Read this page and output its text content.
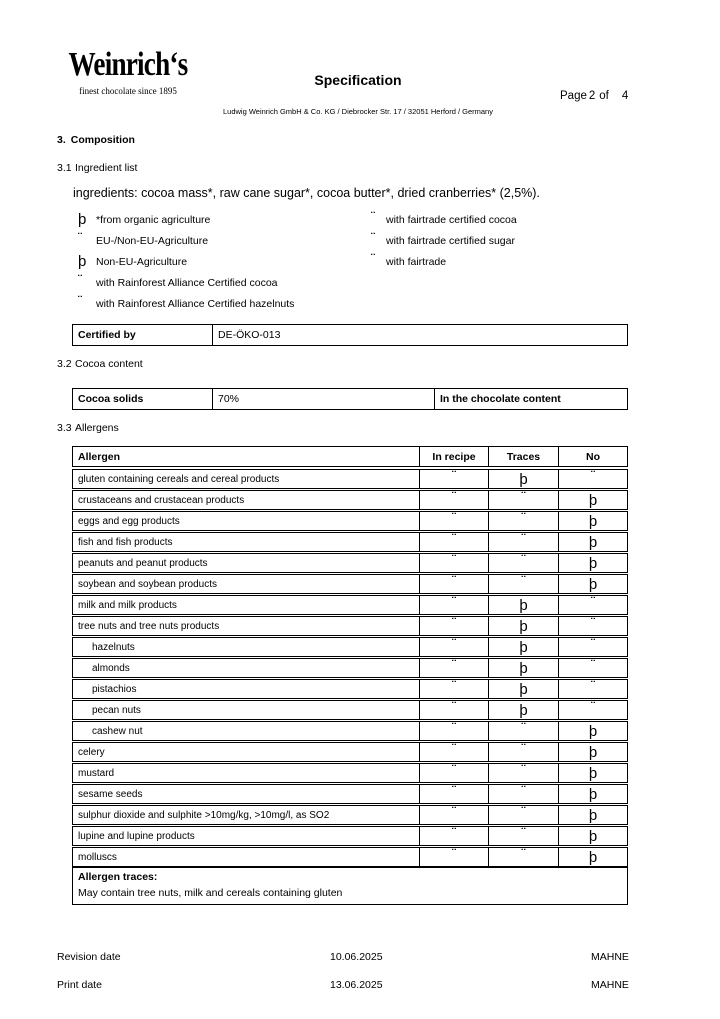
Weinrich‘s
finest chocolate since 1895
Specification
Ludwig Weinrich GmbH & Co. KG / Diebrocker Str. 17 / 32051 Herford / Germany
Page 2 of 4
3. Composition
3.1 Ingredient list
ingredients: cocoa mass*, raw cane sugar*, cocoa butter*, dried cranberries* (2,5%).
þ *from organic agriculture
¨	EU-/Non-EU-Agriculture
þ Non-EU-Agriculture
¨	with Rainforest Alliance Certified cocoa
¨	with Rainforest Alliance Certified hazelnuts
¨	with fairtrade certified cocoa
¨	with fairtrade certified sugar
¨	with fairtrade
Certified by	DE-ÖKO-013
3.2 Cocoa content
Cocoa solids	70%	In the chocolate content
3.3 Allergens
Allergen	In recipe	Traces	No
gluten containing cereals and cereal products	¨	þ	¨
crustaceans and crustacean products	¨	¨	þ
eggs and egg products	¨	¨	þ
fish and fish products	¨	¨	þ
peanuts and peanut products	¨	¨	þ
soybean and soybean products	¨	¨	þ
milk and milk products	¨	þ	¨
tree nuts and tree nuts products	¨	þ	¨
hazelnuts	¨	þ	¨
almonds	¨	þ	¨
pistachios	¨	þ	¨
pecan nuts	¨	þ	¨
cashew nut	¨	¨	þ
celery	¨	¨	þ
mustard	¨	¨	þ
sesame seeds	¨	¨	þ
sulphur dioxide and sulphite >10mg/kg, >10mg/l, as SO2	¨	¨	þ
lupine and lupine products	¨	¨	þ
molluscs	¨	¨	þ
Allergen traces:
May contain tree nuts, milk and cereals containing gluten
Revision date	10.06.2025	MAHNE
Print date	13.06.2025	MAHNE
